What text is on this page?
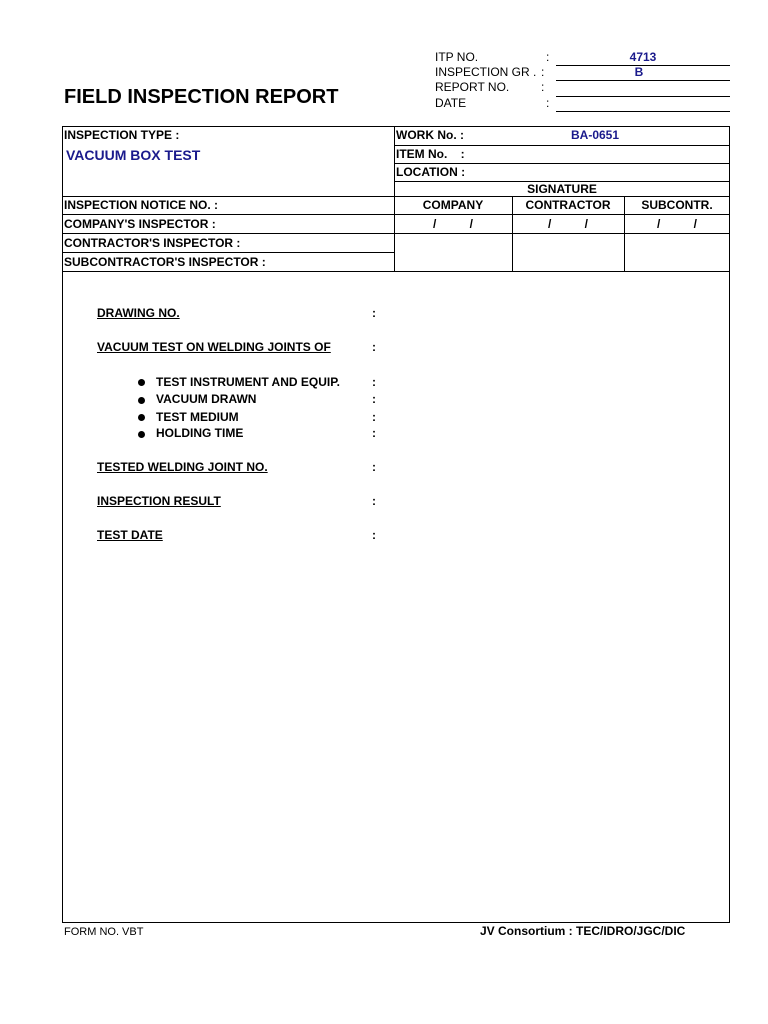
FIELD INSPECTION REPORT
ITP NO.	:	4713
INSPECTION GR . :	B
REPORT NO.	:
DATE	:
INSPECTION TYPE :
VACUUM BOX TEST
INSPECTION NOTICE NO. :
COMPANY'S INSPECTOR :
CONTRACTOR'S INSPECTOR :
SUBCONTRACTOR'S INSPECTOR :
WORK No. :	BA-0651
ITEM No.    :
LOCATION :
SIGNATURE
COMPANY	CONTRACTOR	SUBCONTR.
/          /	/          /	/          /
DRAWING NO.	:
VACUUM TEST ON WELDING JOINTS OF	:
TEST INSTRUMENT AND EQUIP.	:
VACUUM DRAWN	:
TEST MEDIUM	:
HOLDING TIME	:
TESTED WELDING JOINT NO.	:
INSPECTION RESULT	:
TEST DATE	:
FORM NO. VBT	JV Consortium : TEC/IDRO/JGC/DIC
